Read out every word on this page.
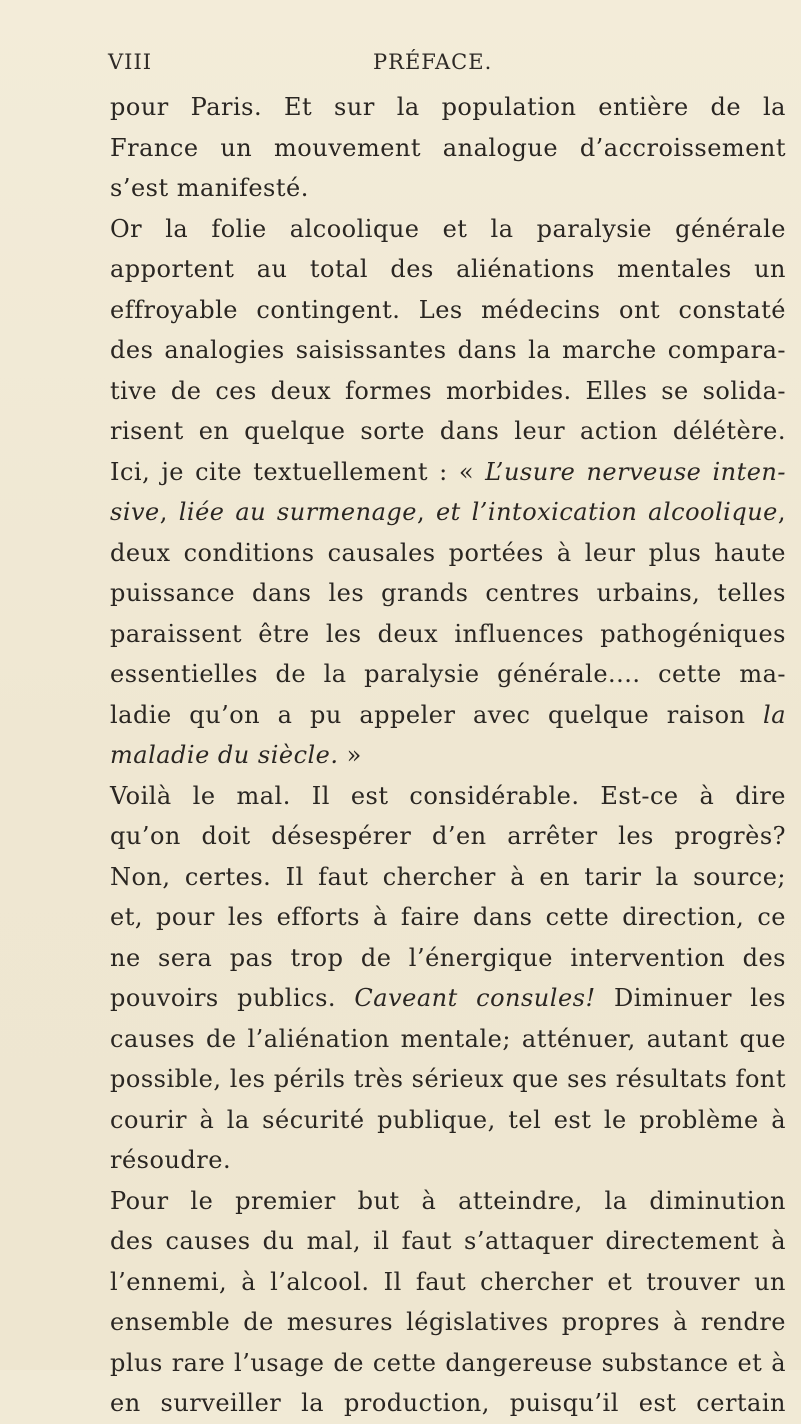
VIII	PRÉFACE.
pour Paris. Et sur la population entière de la
France un mouvement analogue d’accroissement
s’est manifesté.
Or la folie alcoolique et la paralysie générale
apportent au total des aliénations mentales un
effroyable contingent. Les médecins ont constaté
des analogies saisissantes dans la marche compara-
tive de ces deux formes morbides. Elles se solida-
risent en quelque sorte dans leur action délétère.
Ici, je cite textuellement : « L’usure nerveuse inten-
sive, liée au surmenage, et l’intoxication alcoolique,
deux conditions causales portées à leur plus haute
puissance dans les grands centres urbains, telles
paraissent être les deux influences pathogéniques
essentielles de la paralysie générale.... cette ma-
ladie qu’on a pu appeler avec quelque raison la
maladie du siècle. »
Voilà le mal. Il est considérable. Est-ce à dire
qu’on doit désespérer d’en arrêter les progrès?
Non, certes. Il faut chercher à en tarir la source;
et, pour les efforts à faire dans cette direction, ce
ne sera pas trop de l’énergique intervention des
pouvoirs publics. Caveant consules! Diminuer les
causes de l’aliénation mentale; atténuer, autant que
possible, les périls très sérieux que ses résultats font
courir à la sécurité publique, tel est le problème à
résoudre.
Pour le premier but à atteindre, la diminution
des causes du mal, il faut s’attaquer directement à
l’ennemi, à l’alcool. Il faut chercher et trouver un
ensemble de mesures législatives propres à rendre
plus rare l’usage de cette dangereuse substance et à
en surveiller la production, puisqu’il est certain
